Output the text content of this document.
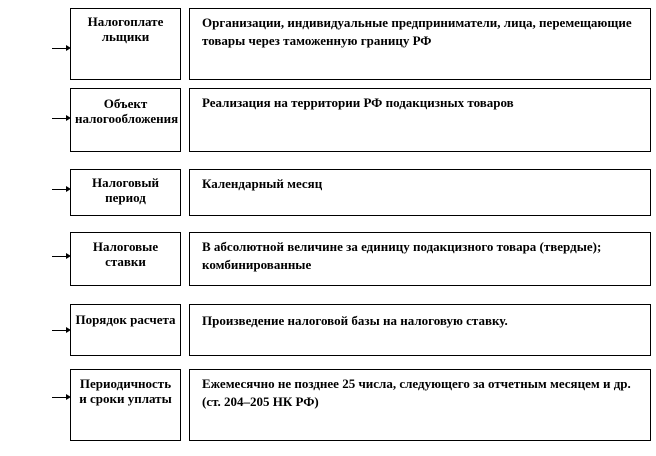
Налогоплате льщики
Организации, индивидуальные предприниматели, лица, перемещающие товары через таможенную границу РФ
Объект налогообложения
Реализация на территории РФ подакцизных товаров
Налоговый период
Календарный месяц
Налоговые ставки
В абсолютной величине за единицу подакцизного товара (твердые); комбинированные
Порядок расчета Произведение налоговой базы на налоговую ставку.
Периодичность и сроки уплаты
Ежемесячно не позднее 25 числа, следующего за отчетным месяцем и др. (ст. 204–205 НК РФ)
